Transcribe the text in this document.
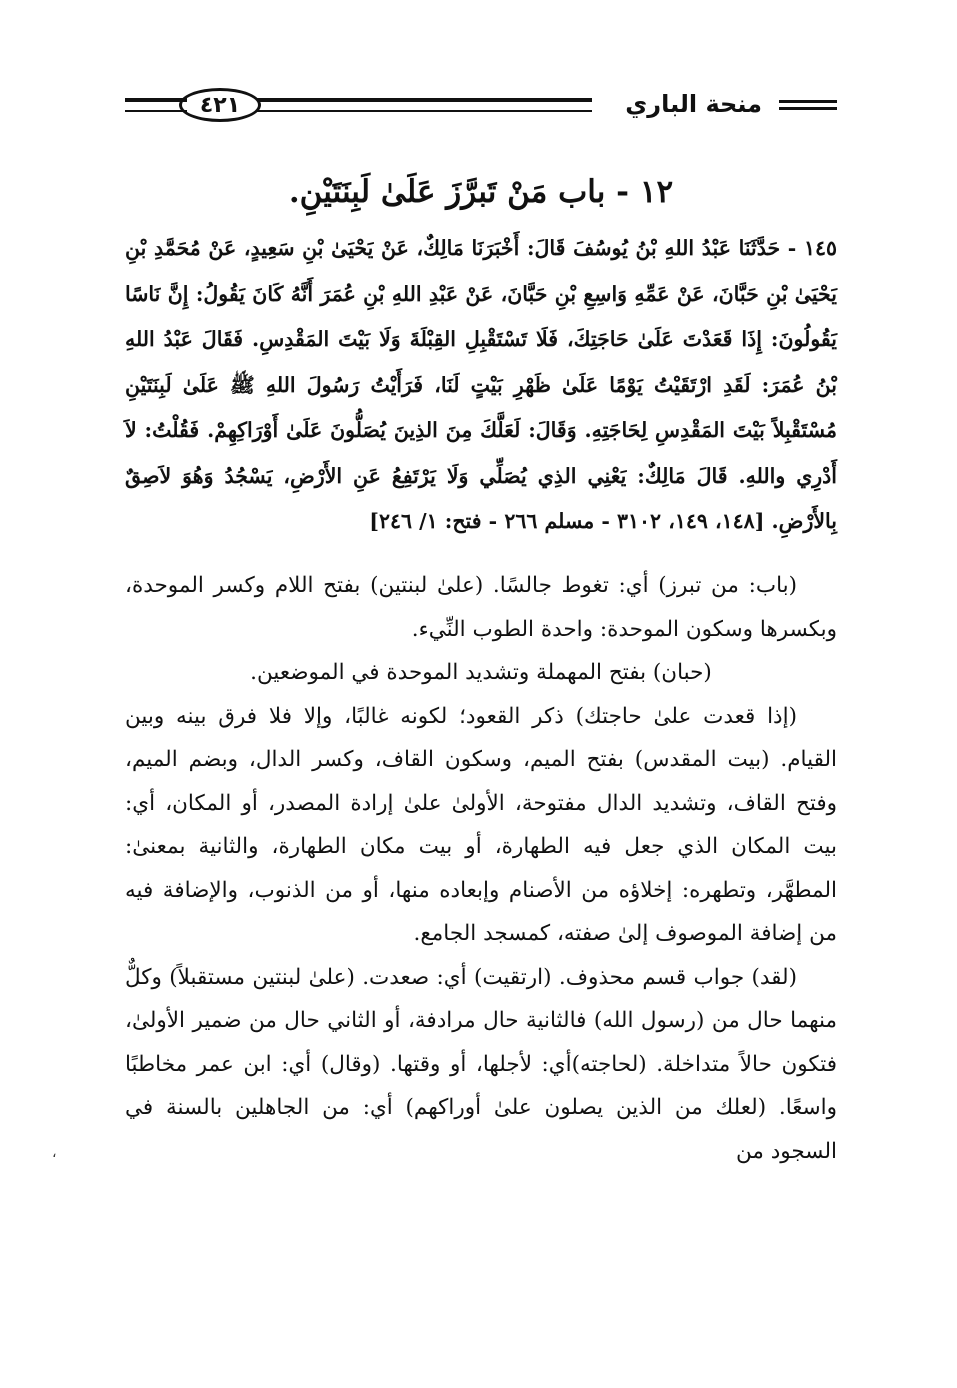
منحة الباري
٤٢١
١٢ - باب مَنْ تَبرَّزَ عَلَىٰ لَبِنَتَيْنِ.

١٤٥ - حَدَّثَنَا عَبْدُ اللهِ بْنُ يُوسُفَ قَالَ: أَخْبَرَنَا مَالِكٌ، عَنْ يَحْيَىٰ بْنِ سَعِيدٍ، عَنْ مُحَمَّدِ بْنِ يَحْيَىٰ بْنِ حَبَّانَ، عَنْ عَمِّهِ وَاسِعِ بْنِ حَبَّانَ، عَنْ عَبْدِ اللهِ بْنِ عُمَرَ أَنَّهُ كَانَ يَقُولُ: إِنَّ نَاسًا يَقُولُونَ: إِذَا قَعَدْتَ عَلَىٰ حَاجَتِكَ، فَلَا تَسْتَقْبِلِ القِبْلَةَ وَلَا بَيْتَ المَقْدِسِ. فَقَالَ عَبْدُ اللهِ بْنُ عُمَرَ: لَقَدِ ارْتَقَيْتُ يَوْمًا عَلَىٰ ظَهْرِ بَيْتٍ لَنَا، فَرَأَيْتُ رَسُولَ اللهِ ﷺ عَلَىٰ لَبِنَتَيْنِ مُسْتَقْبِلاً بَيْتَ المَقْدِسِ لِحَاجَتِهِ. وَقَالَ: لَعَلَّكَ مِنَ الذِينَ يُصَلُّونَ عَلَىٰ أَوْرَاكِهِمْ. فَقُلْتُ: لاَ أَدْرِي واللهِ. قَالَ مَالِكٌ: يَعْنِي الذِي يُصَلِّي وَلَا يَرْتَفِعُ عَنِ الأَرْضِ، يَسْجُدُ وَهُوَ لاَصِقٌ بِالأَرْضِ. [١٤٨، ١٤٩، ٣١٠٢ - مسلم ٢٦٦ - فتح: ١/ ٢٤٦]

(باب: من تبرز) أي: تغوط جالسًا. (علىٰ لبنتين) بفتح اللام وكسر الموحدة، وبكسرها وسكون الموحدة: واحدة الطوب النِّيء.

(حبان) بفتح المهملة وتشديد الموحدة في الموضعين.

(إذا قعدت علىٰ حاجتك) ذكر القعود؛ لكونه غالبًا، وإلا فلا فرق بينه وبين القيام. (بيت المقدس) بفتح الميم، وسكون القاف، وكسر الدال، وبضم الميم، وفتح القاف، وتشديد الدال مفتوحة، الأولىٰ علىٰ إرادة المصدر، أو المكان، أي: بيت المكان الذي جعل فيه الطهارة، أو بيت مكان الطهارة، والثانية بمعنىٰ: المطهَّر، وتطهره: إخلاؤه من الأصنام وإبعاده منها، أو من الذنوب، والإضافة فيه من إضافة الموصوف إلىٰ صفته، كمسجد الجامع.

(لقد) جواب قسم محذوف. (ارتقيت) أي: صعدت. (علىٰ لبنتين مستقبلاً) وكلٌّ منهما حال من (رسول الله) فالثانية حال مرادفة، أو الثاني حال من ضمير الأولىٰ، فتكون حالاً متداخلة. (لحاجته)أي: لأجلها، أو وقتها. (وقال) أي: ابن عمر مخاطبًا واسعًا. (لعلك من الذين يصلون علىٰ أوراكهم) أي: من الجاهلين بالسنة في السجود من

،
